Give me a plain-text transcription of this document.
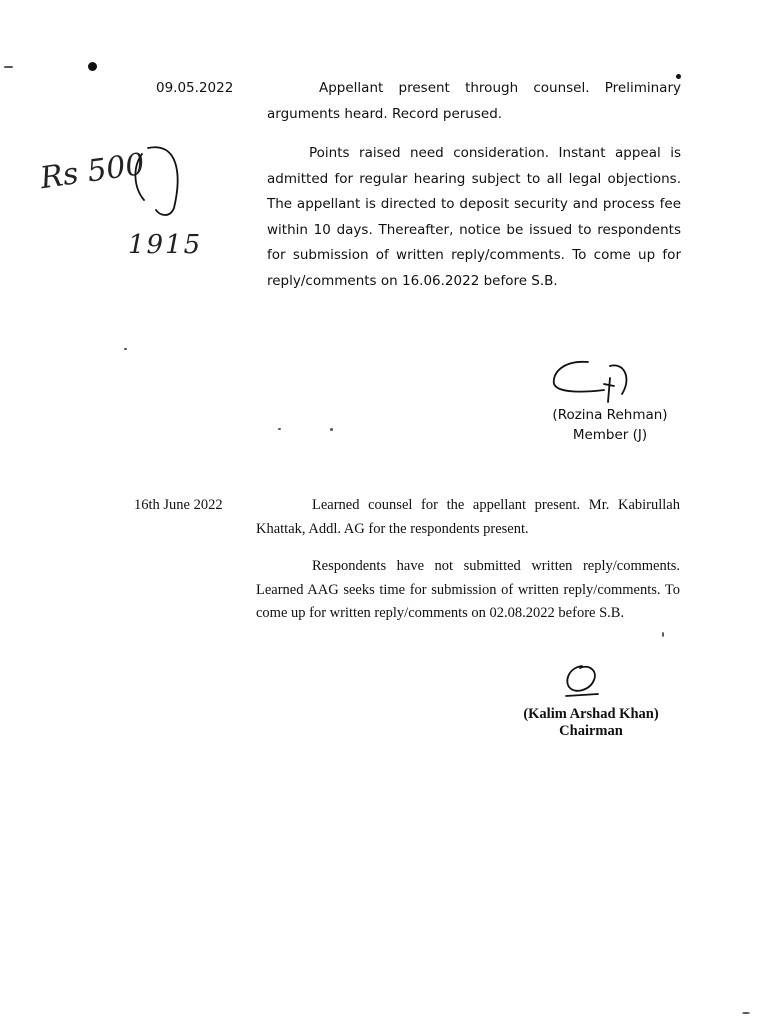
09.05.2022	Appellant present through counsel. Preliminary arguments heard. Record perused.
Points raised need consideration. Instant appeal is admitted for regular hearing subject to all legal objections. The appellant is directed to deposit security and process fee within 10 days. Thereafter, notice be issued to respondents for submission of written reply/comments. To come up for reply/comments on 16.06.2022 before S.B.
Rs 500
1915
(Rozina Rehman)
Member (J)
16th June 2022	Learned counsel for the appellant present. Mr. Kabirullah Khattak, Addl. AG for the respondents present.
Respondents have not submitted written reply/comments. Learned AAG seeks time for submission of written reply/comments. To come up for written reply/comments on 02.08.2022 before S.B.
(Kalim Arshad Khan)
Chairman
